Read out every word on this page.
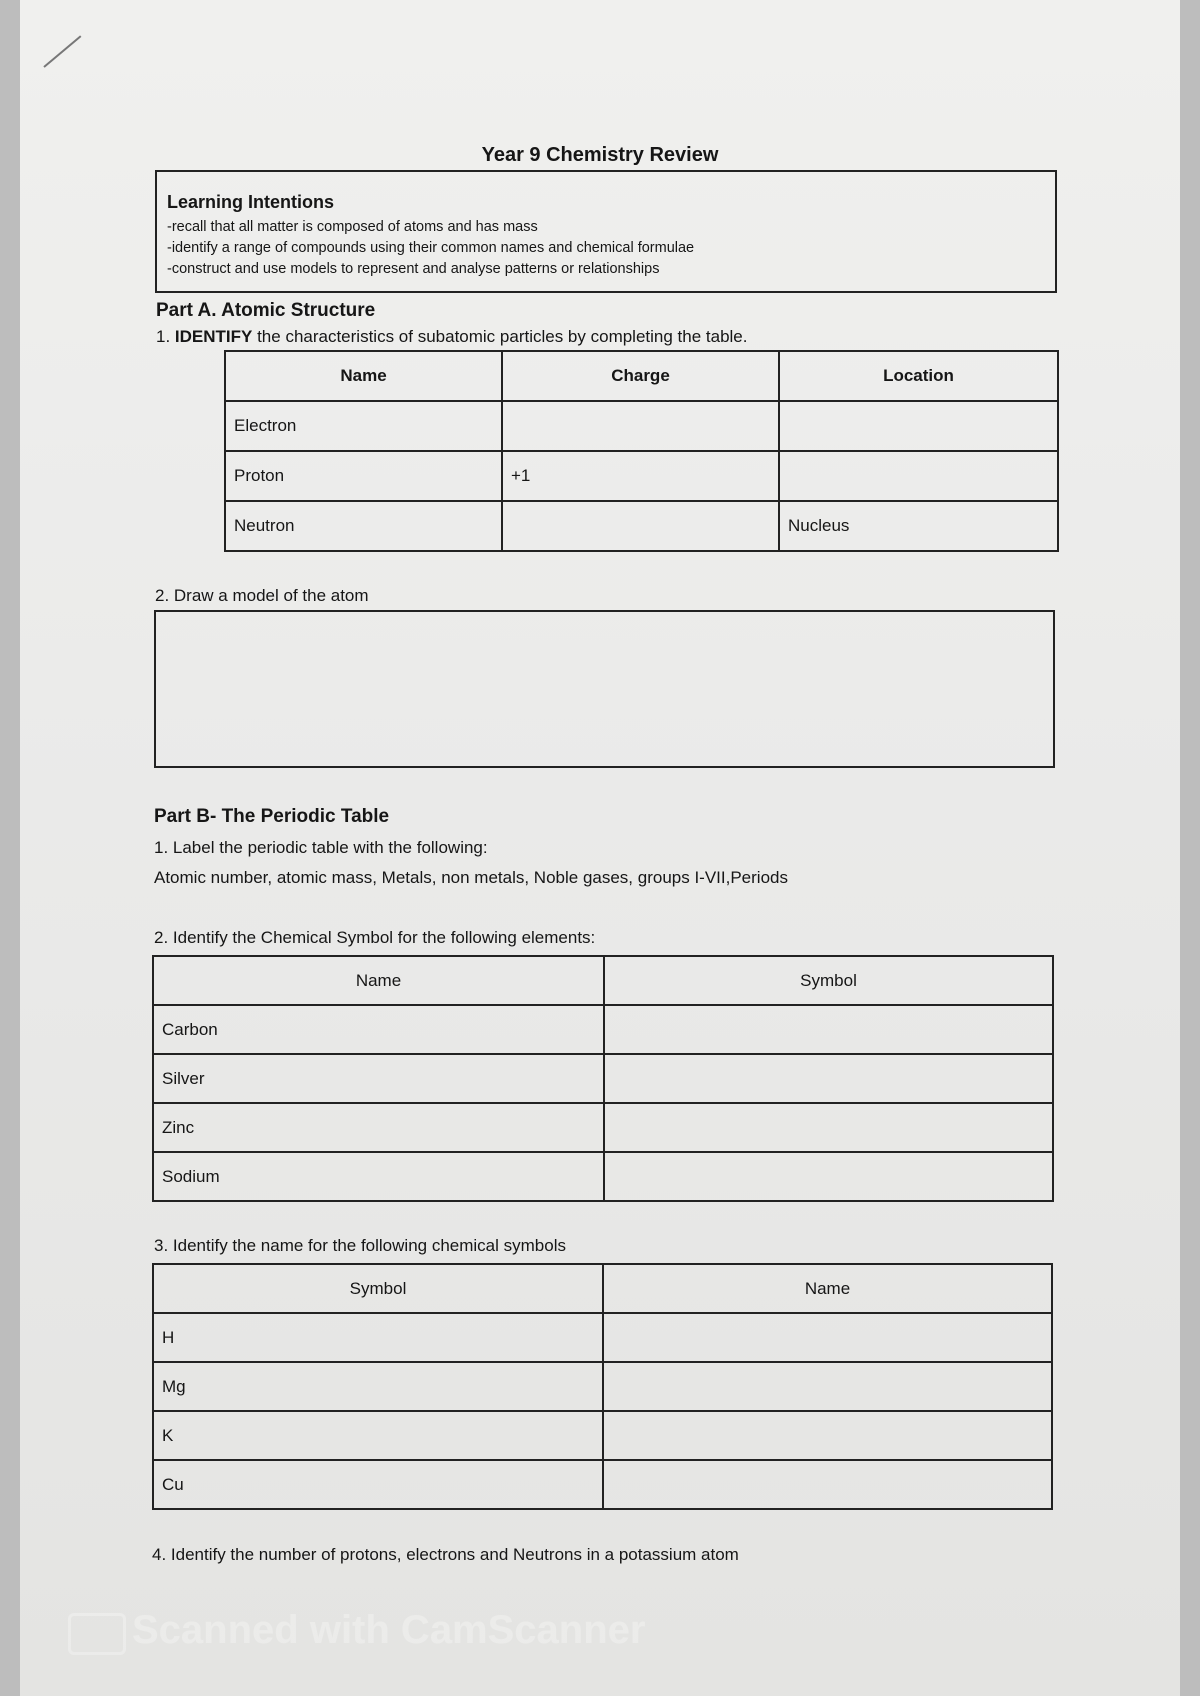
Year 9 Chemistry Review
Learning Intentions
-recall that all matter is composed of atoms and has mass
-identify a range of compounds using their common names and chemical formulae
-construct and use models to represent and analyse patterns or relationships
Part A. Atomic Structure
1. IDENTIFY the characteristics of subatomic particles by completing the table.
Name	Charge	Location
Electron		
Proton	+1	
Neutron		Nucleus
2. Draw a model of the atom
Part B- The Periodic Table
1. Label the periodic table with the following:
Atomic number, atomic mass, Metals, non metals, Noble gases, groups I-VII,Periods
2. Identify the Chemical Symbol for the following elements:
Name	Symbol
Carbon	
Silver	
Zinc	
Sodium	
3. Identify the name for the following chemical symbols
Symbol	Name
H	
Mg	
K	
Cu	
4. Identify the number of protons, electrons and Neutrons in a potassium atom
Scanned with CamScanner
